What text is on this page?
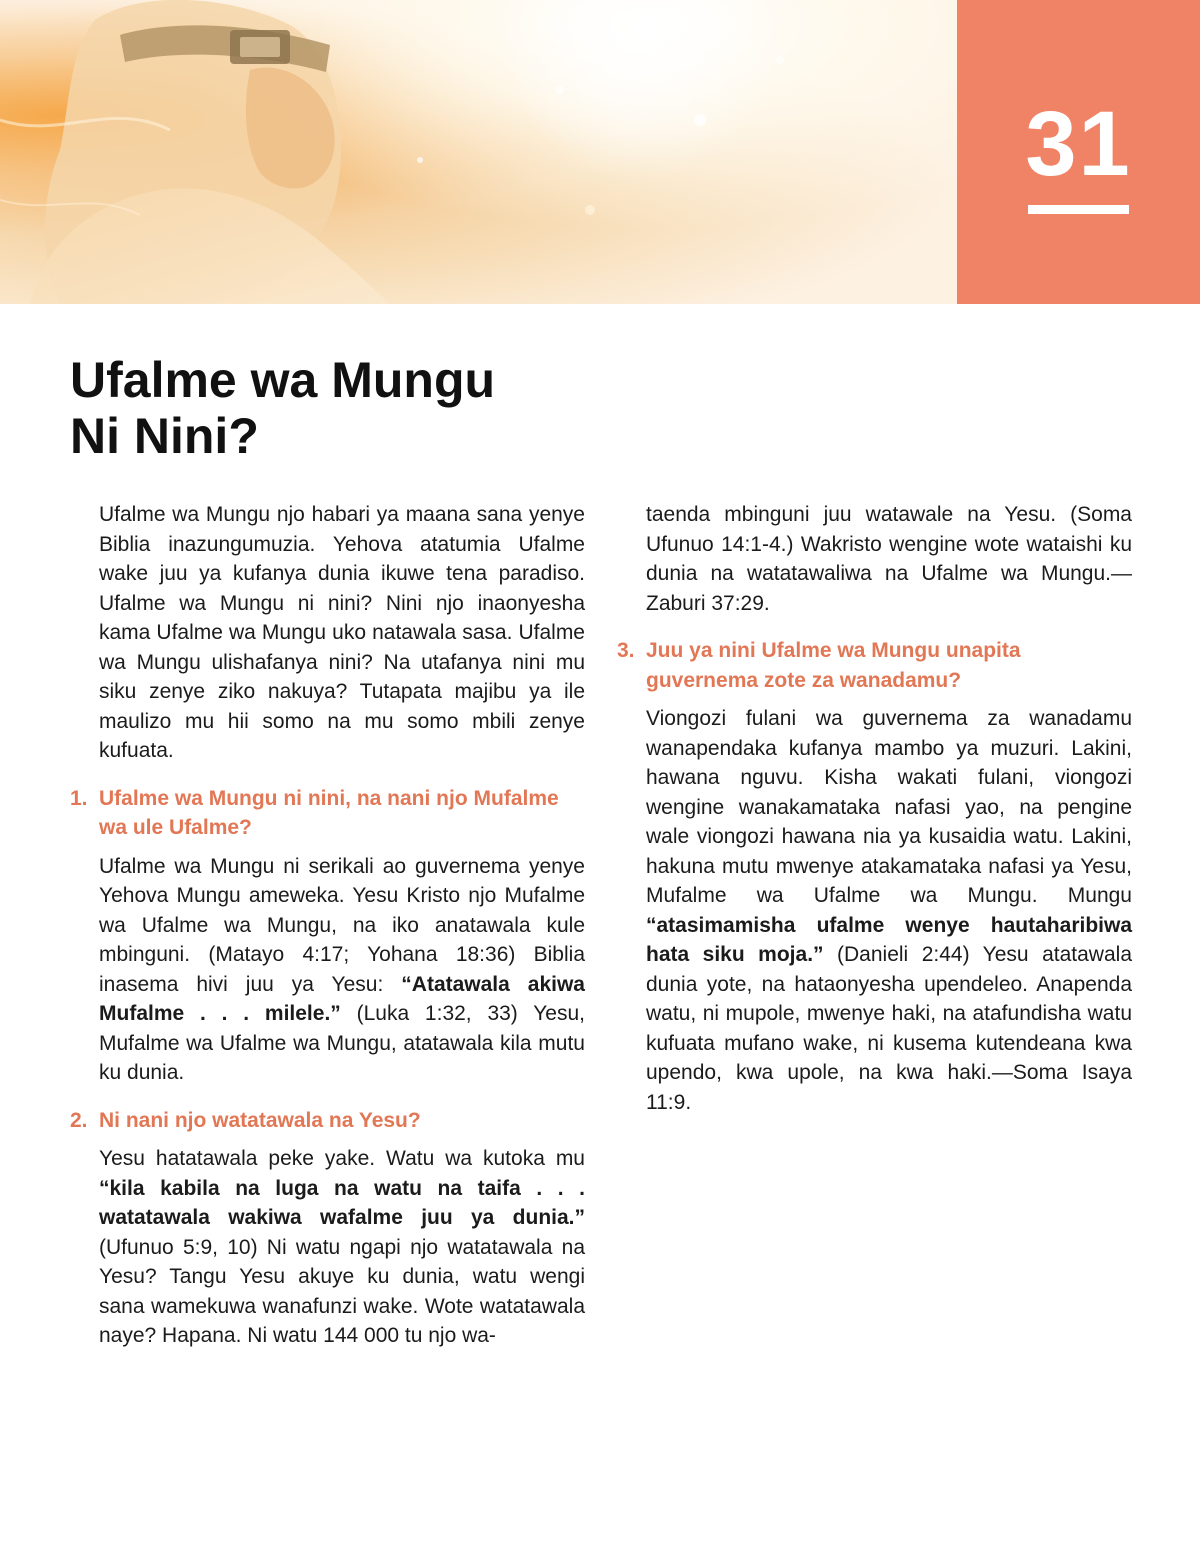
31
Ufalme wa Mungu
Ni Nini?

Ufalme wa Mungu njo habari ya maana sana yenye Biblia inazungumuzia. Yehova atatumia Ufalme wake juu ya kufanya dunia ikuwe tena paradiso. Ufalme wa Mungu ni nini? Nini njo inaonyesha kama Ufalme wa Mungu uko natawala sasa. Ufalme wa Mungu ulishafanya nini? Na utafanya nini mu siku zenye ziko nakuya? Tutapata majibu ya ile maulizo mu hii somo na mu somo mbili zenye kufuata.

1. Ufalme wa Mungu ni nini, na nani njo Mufalme wa ule Ufalme?

Ufalme wa Mungu ni serikali ao guvernema yenye Yehova Mungu ameweka. Yesu Kristo njo Mufalme wa Ufalme wa Mungu, na iko anatawala kule mbinguni. (Matayo 4:17; Yohana 18:36) Biblia inasema hivi juu ya Yesu: “Atatawala akiwa Mufalme . . . milele.” (Luka 1:32, 33) Yesu, Mufalme wa Ufalme wa Mungu, atatawala kila mutu ku dunia.

2. Ni nani njo watatawala na Yesu?

Yesu hatatawala peke yake. Watu wa kutoka mu “kila kabila na luga na watu na taifa . . . watatawala wakiwa wafalme juu ya dunia.” (Ufunuo 5:9, 10) Ni watu ngapi njo watatawala na Yesu? Tangu Yesu akuye ku dunia, watu wengi sana wamekuwa wanafunzi wake. Wote watatawala naye? Hapana. Ni watu 144 000 tu njo wa-

taenda mbinguni juu watawale na Yesu. (Soma Ufunuo 14:1-4.) Wakristo wengine wote wataishi ku dunia na watatawaliwa na Ufalme wa Mungu.—Zaburi 37:29.

3. Juu ya nini Ufalme wa Mungu unapita guvernema zote za wanadamu?

Viongozi fulani wa guvernema za wanadamu wanapendaka kufanya mambo ya muzuri. Lakini, hawana nguvu. Kisha wakati fulani, viongozi wengine wanakamataka nafasi yao, na pengine wale viongozi hawana nia ya kusaidia watu. Lakini, hakuna mutu mwenye atakamataka nafasi ya Yesu, Mufalme wa Ufalme wa Mungu. Mungu “atasimamisha ufalme wenye hautaharibiwa hata siku moja.” (Danieli 2:44) Yesu atatawala dunia yote, na hataonyesha upendeleo. Anapenda watu, ni mupole, mwenye haki, na atafundisha watu kufuata mufano wake, ni kusema kutendeana kwa upendo, kwa upole, na kwa haki.—Soma Isaya 11:9.
